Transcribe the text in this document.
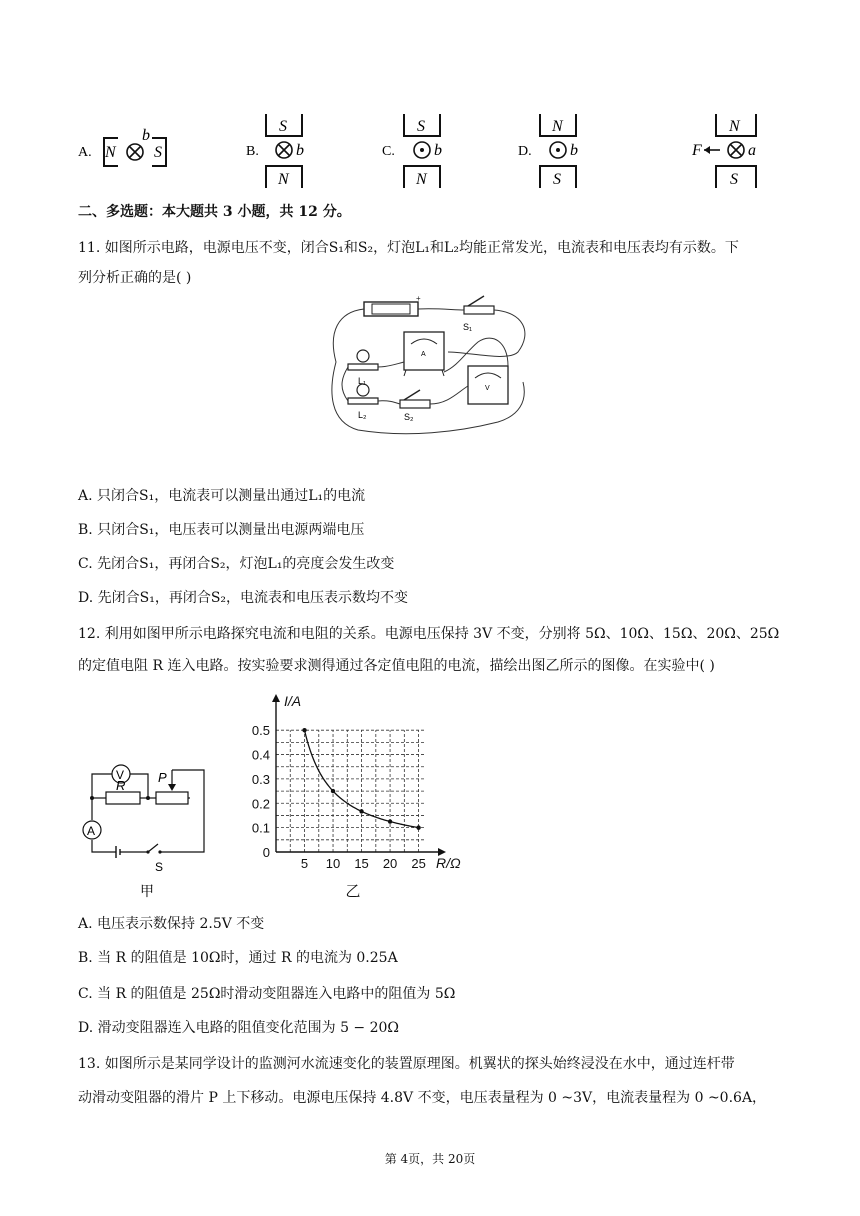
A. N
b
S	B.
S
b
N
C.
S
b
N
D.
N
b
S
N
F	a
S
二、多选题：本大题共 3 小题，共 12 分。
11. 如图所示电路，电源电压不变，闭合S₁和S₂，灯泡L₁和L₂均能正常发光，电流表和电压表均有示数。下
列分析正确的是( )
+
S₁
A
L₁
V
L₂	S₂
A. 只闭合S₁，电流表可以测量出通过L₁的电流
B. 只闭合S₁，电压表可以测量出电源两端电压
C. 先闭合S₁，再闭合S₂，灯泡L₁的亮度会发生改变
D. 先闭合S₁，再闭合S₂，电流表和电压表示数均不变
12. 利用如图甲所示电路探究电流和电阻的关系。电源电压保持 3V 不变，分别将 5Ω、10Ω、15Ω、20Ω、25Ω
的定值电阻 R 连入电路。按实验要求测得通过各定值电阻的电流，描绘出图乙所示的图像。在实验中( )
V
A
R
P
S
甲
5 10 15 20 25
0
0.1
0.2
0.3
0.4
0.5
R/Ω
I/A
乙
A. 电压表示数保持 2.5V 不变
B. 当 R 的阻值是 10Ω时，通过 R 的电流为 0.25A
C. 当 R 的阻值是 25Ω时滑动变阻器连入电路中的阻值为 5Ω
D. 滑动变阻器连入电路的阻值变化范围为 5 − 20Ω
13. 如图所示是某同学设计的监测河水流速变化的装置原理图。机翼状的探头始终浸没在水中，通过连杆带
动滑动变阻器的滑片 P 上下移动。电源电压保持 4.8V 不变，电压表量程为 0 ~3V，电流表量程为 0 ~0.6A，
第 4页，共 20页
